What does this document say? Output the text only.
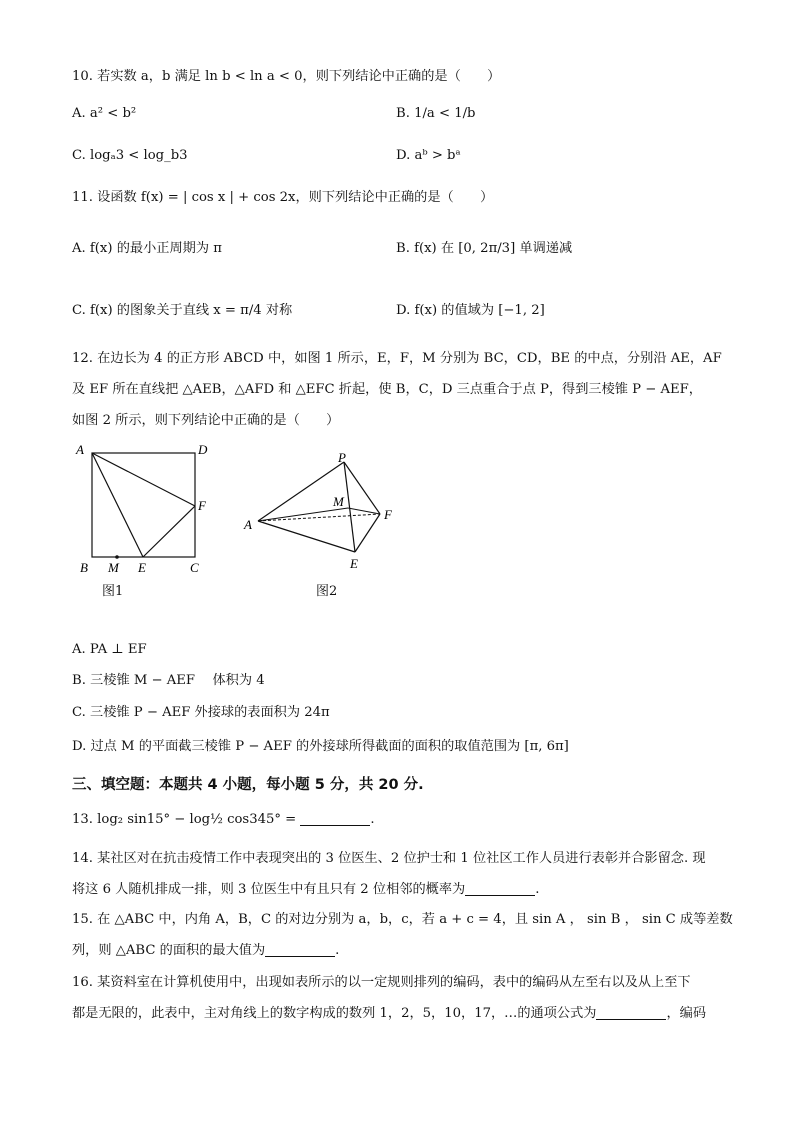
10. 若实数 a，b 满足 ln b < ln a < 0，则下列结论中正确的是（　　）
A. a² < b²	B. 1/a < 1/b
C. logₐ3 < log_b3	D. aᵇ > bᵃ
11. 设函数 f(x) = | cos x | + cos 2x，则下列结论中正确的是（　　）
A. f(x) 的最小正周期为 π	B. f(x) 在 [0, 2π/3] 单调递减
C. f(x) 的图象关于直线 x = π/4 对称	D. f(x) 的值域为 [−1, 2]
12. 在边长为 4 的正方形 ABCD 中，如图 1 所示，E，F，M 分别为 BC，CD，BE 的中点，分别沿 AE，AF
及 EF 所在直线把 △AEB，△AFD 和 △EFC 折起，使 B，C，D 三点重合于点 P，得到三棱锥 P − AEF，
如图 2 所示，则下列结论中正确的是（　　）
A	D
F
B M E	C
图1
P
M
A
F
E
图2
A. PA ⊥ EF
B. 三棱锥 M − AEF　 体积为 4
C. 三棱锥 P − AEF 外接球的表面积为 24π
D. 过点 M 的平面截三棱锥 P − AEF 的外接球所得截面的面积的取值范围为 [π, 6π]
三、填空题：本题共 4 小题，每小题 5 分，共 20 分.
13. log₂ sin15° − log½ cos345° =	.
14. 某社区对在抗击疫情工作中表现突出的 3 位医生、2 位护士和 1 位社区工作人员进行表彰并合影留念. 现
将这 6 人随机排成一排，则 3 位医生中有且只有 2 位相邻的概率为	.
15. 在 △ABC 中，内角 A，B，C 的对边分别为 a，b，c，若 a + c = 4，且 sin A ， sin B ， sin C 成等差数
列，则 △ABC 的面积的最大值为	.
16. 某资料室在计算机使用中，出现如表所示的以一定规则排列的编码，表中的编码从左至右以及从上至下
都是无限的，此表中，主对角线上的数字构成的数列 1，2，5，10，17，…的通项公式为	，编码
